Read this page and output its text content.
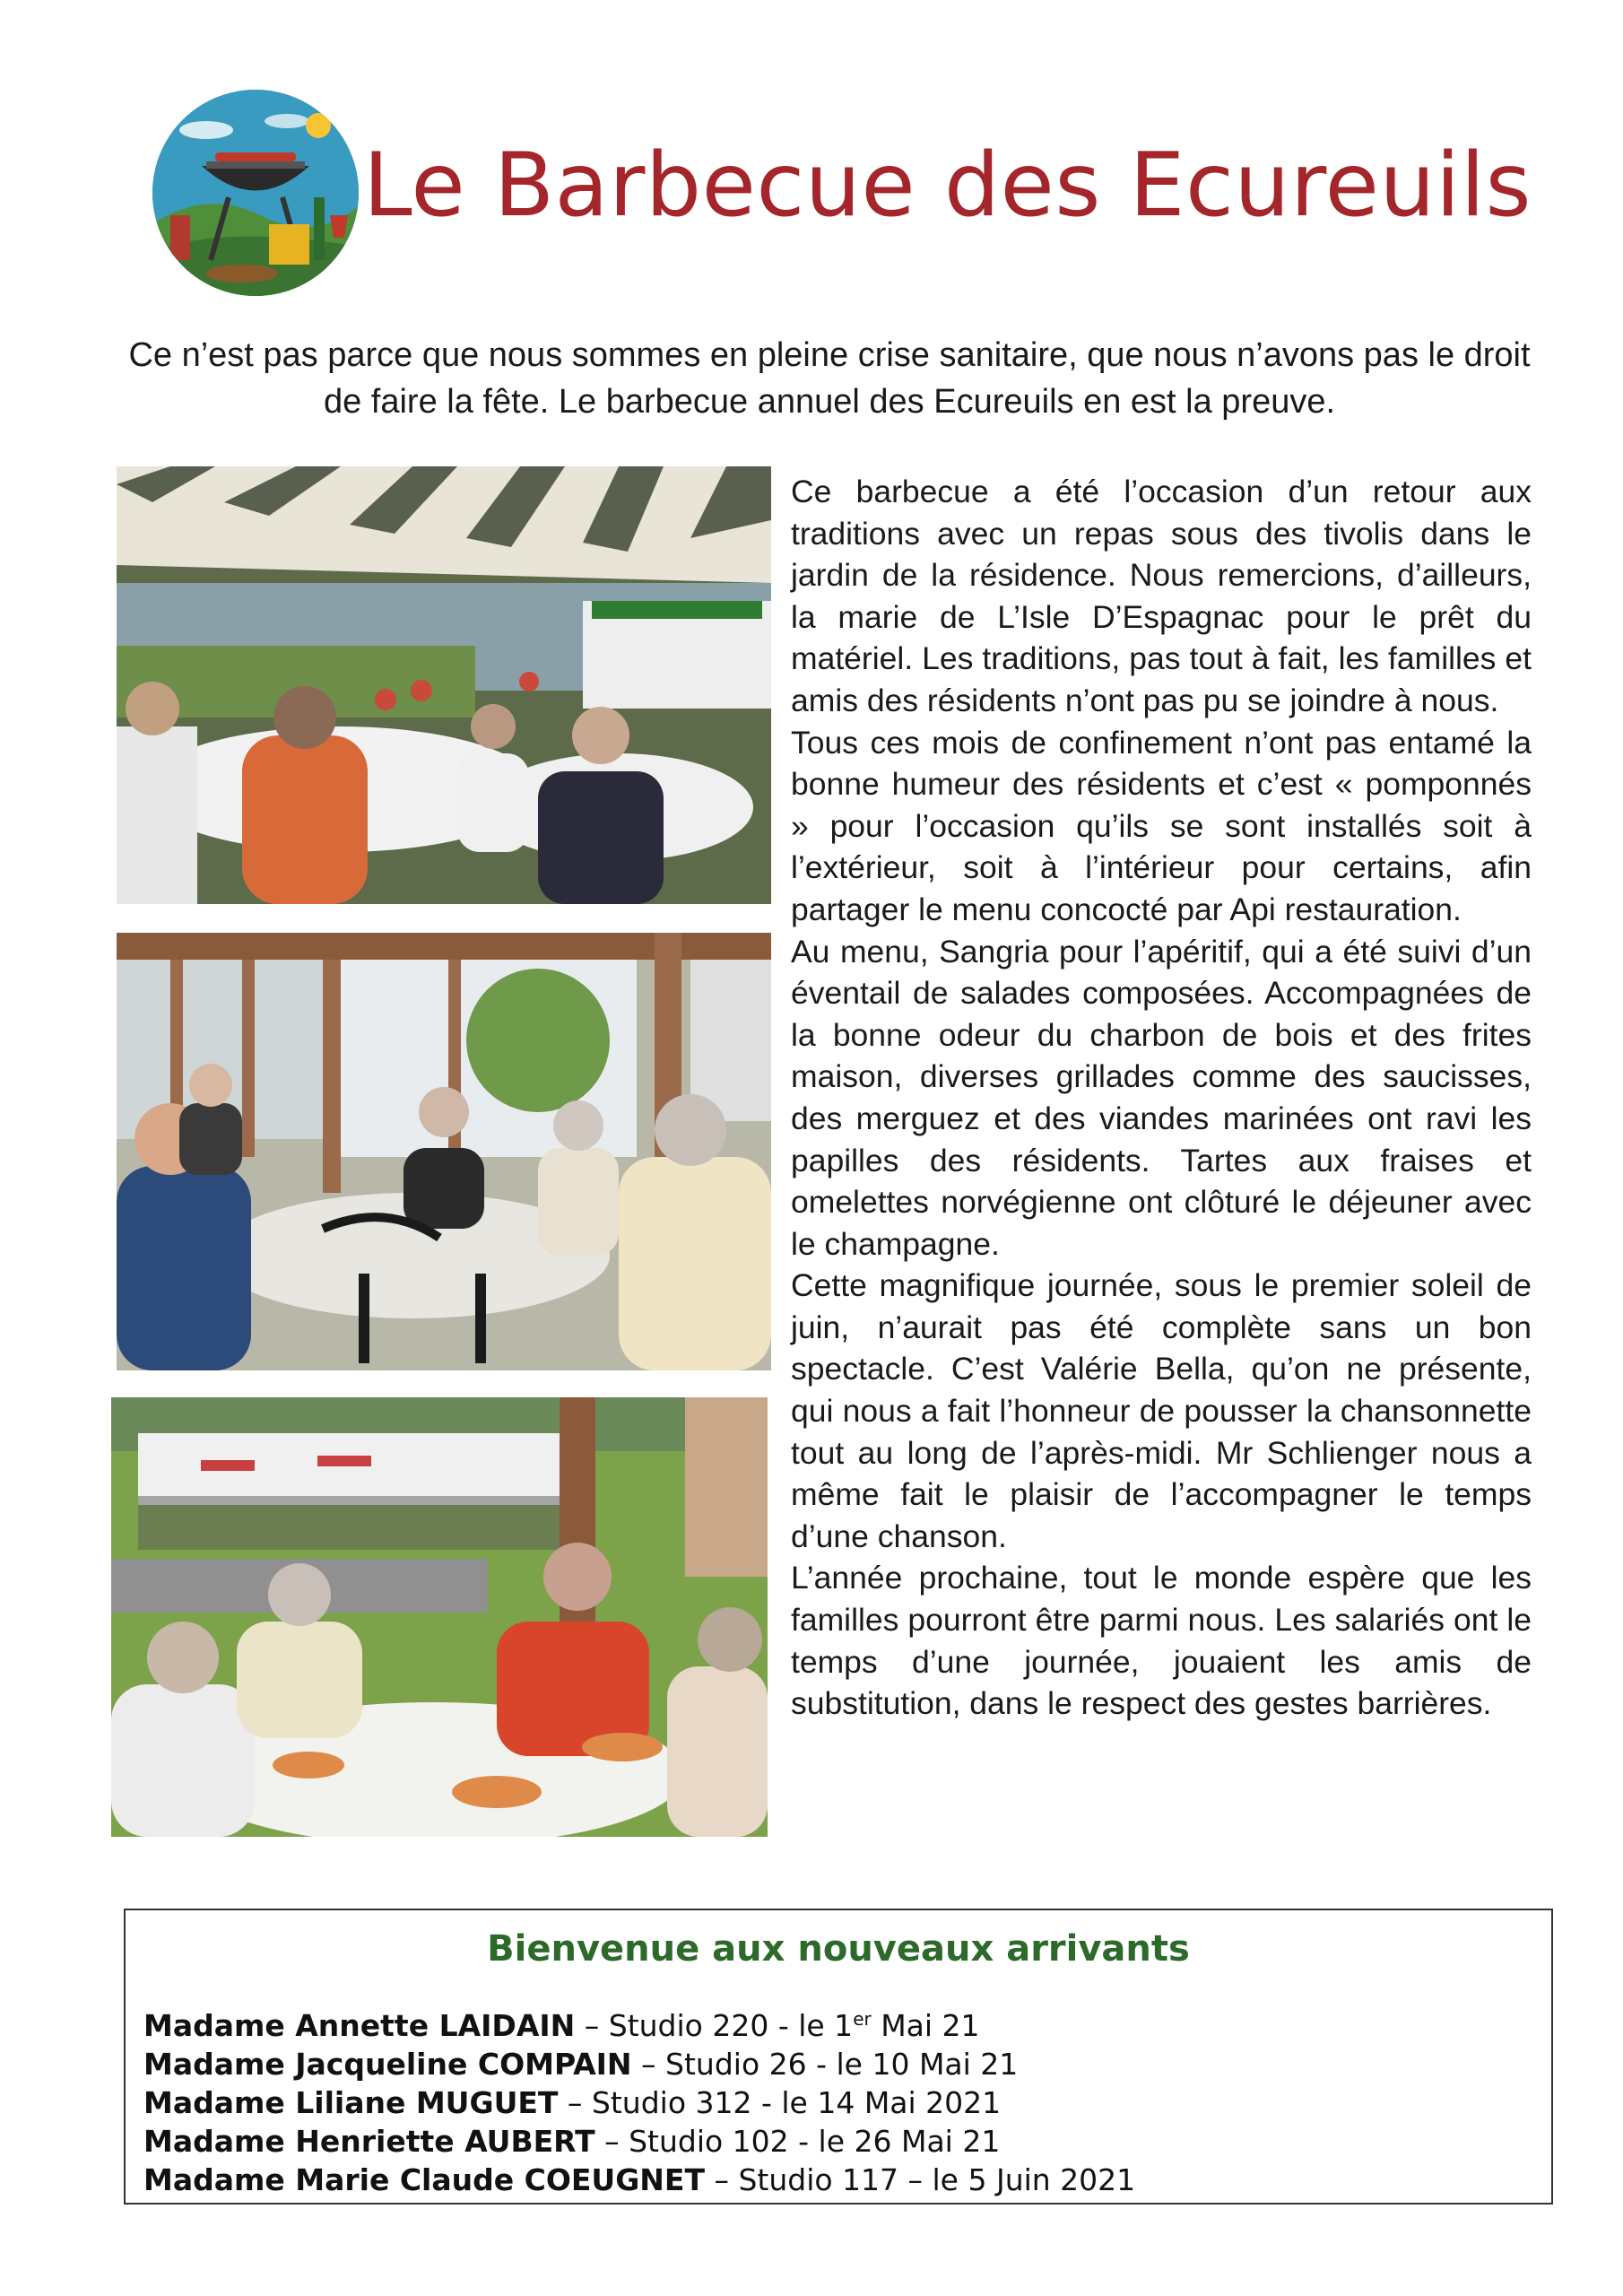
Le Barbecue des Ecureuils

Ce n’est pas parce que nous sommes en pleine crise sanitaire, que nous n’avons pas le droit de faire la fête. Le barbecue annuel des Ecureuils en est la preuve.

Ce barbecue a été l’occasion d’un retour aux traditions avec un repas sous des tivolis dans le jardin de la résidence. Nous remercions, d’ailleurs, la marie de L’Isle D’Espagnac pour le prêt du matériel. Les traditions, pas tout à fait, les familles et amis des résidents n’ont pas pu se joindre à nous.

Tous ces mois de confinement n’ont pas entamé la bonne humeur des résidents et c’est « pomponnés » pour l’occasion qu’ils se sont installés soit à l’extérieur, soit à l’intérieur pour certains, afin partager le menu concocté par Api restauration.

Au menu, Sangria pour l’apéritif, qui a été suivi d’un éventail de salades composées. Accompagnées de la bonne odeur du charbon de bois et des frites maison, diverses grillades comme des saucisses, des merguez et des viandes marinées ont ravi les papilles des résidents. Tartes aux fraises et omelettes norvégienne ont clôturé le déjeuner avec le champagne.

Cette magnifique journée, sous le premier soleil de juin, n’aurait pas été complète sans un bon spectacle. C’est Valérie Bella, qu’on ne présente, qui nous a fait l’honneur de pousser la chansonnette tout au long de l’après-midi. Mr Schlienger nous a même fait le plaisir de l’accompagner le temps d’une chanson.

L’année prochaine, tout le monde espère que les familles pourront être parmi nous. Les salariés ont le temps d’une journée, jouaient les amis de substitution, dans le respect des gestes barrières.

Bienvenue aux nouveaux arrivants
Madame Annette LAIDAIN – Studio 220 - le 1er Mai 21
Madame Jacqueline COMPAIN – Studio 26 - le 10 Mai 21
Madame Liliane MUGUET – Studio 312 - le 14 Mai 2021
Madame Henriette AUBERT – Studio 102 - le 26 Mai 21
Madame Marie Claude COEUGNET – Studio 117 – le 5 Juin 2021
